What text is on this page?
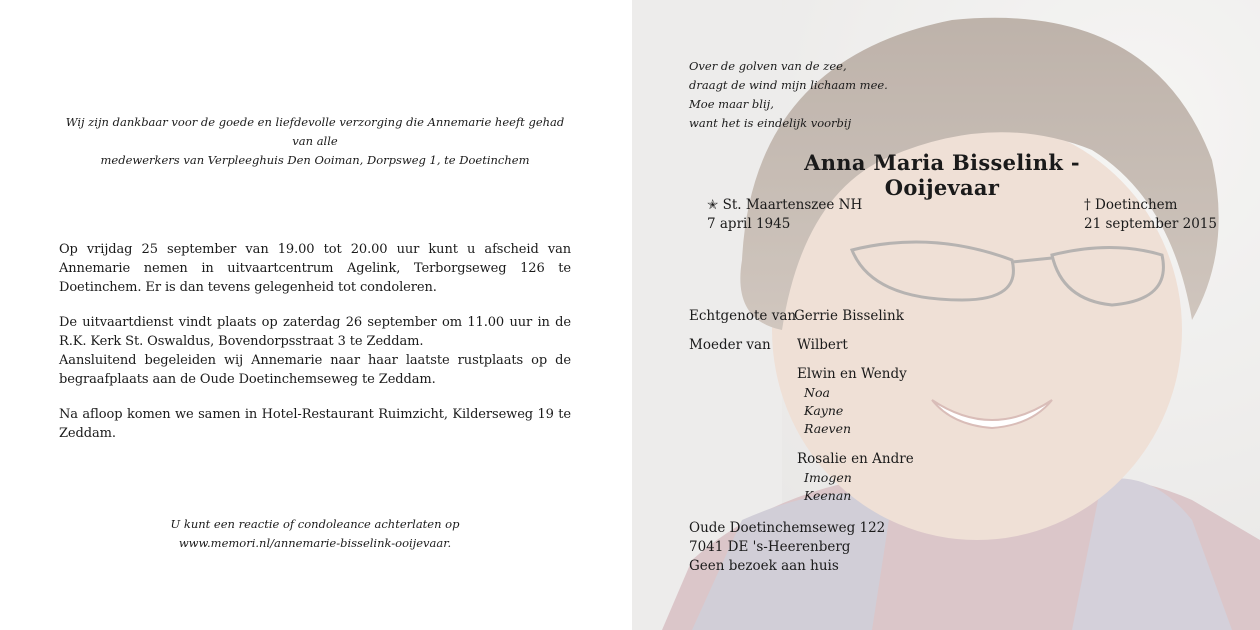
Wij zijn dankbaar voor de goede en liefdevolle verzorging die Annemarie heeft gehad van alle
medewerkers van Verpleeghuis Den Ooiman, Dorpsweg 1, te Doetinchem

Op vrijdag 25 september van 19.00 tot 20.00 uur kunt u afscheid van Annemarie nemen in uitvaartcentrum Agelink, Terborgseweg 126 te Doetinchem. Er is dan tevens gelegenheid tot condoleren.

De uitvaartdienst vindt plaats op zaterdag 26 september om 11.00 uur in de R.K. Kerk St. Oswaldus, Bovendorpsstraat 3 te Zeddam.
Aansluitend begeleiden wij Annemarie naar haar laatste rustplaats op de begraafplaats aan de Oude Doetinchemseweg te Zeddam.

Na afloop komen we samen in Hotel-Restaurant Ruimzicht, Kilderseweg 19 te Zeddam.

U kunt een reactie of condoleance achterlaten op
www.memori.nl/annemarie-bisselink-ooijevaar.

Over de golven van de zee,
draagt de wind mijn lichaam mee.
Moe maar blij,
want het is eindelijk voorbij

Anna Maria Bisselink - Ooijevaar
✭ St. Maartenszee NH
7 april 1945
† Doetinchem
21 september 2015
Echtgenote van
Gerrie Bisselink
Moeder van Wilbert
Elwin en Wendy
Noa
Kayne
Raeven
Rosalie en Andre
Imogen
Keenan

Oude Doetinchemseweg 122
7041 DE 's-Heerenberg
Geen bezoek aan huis
